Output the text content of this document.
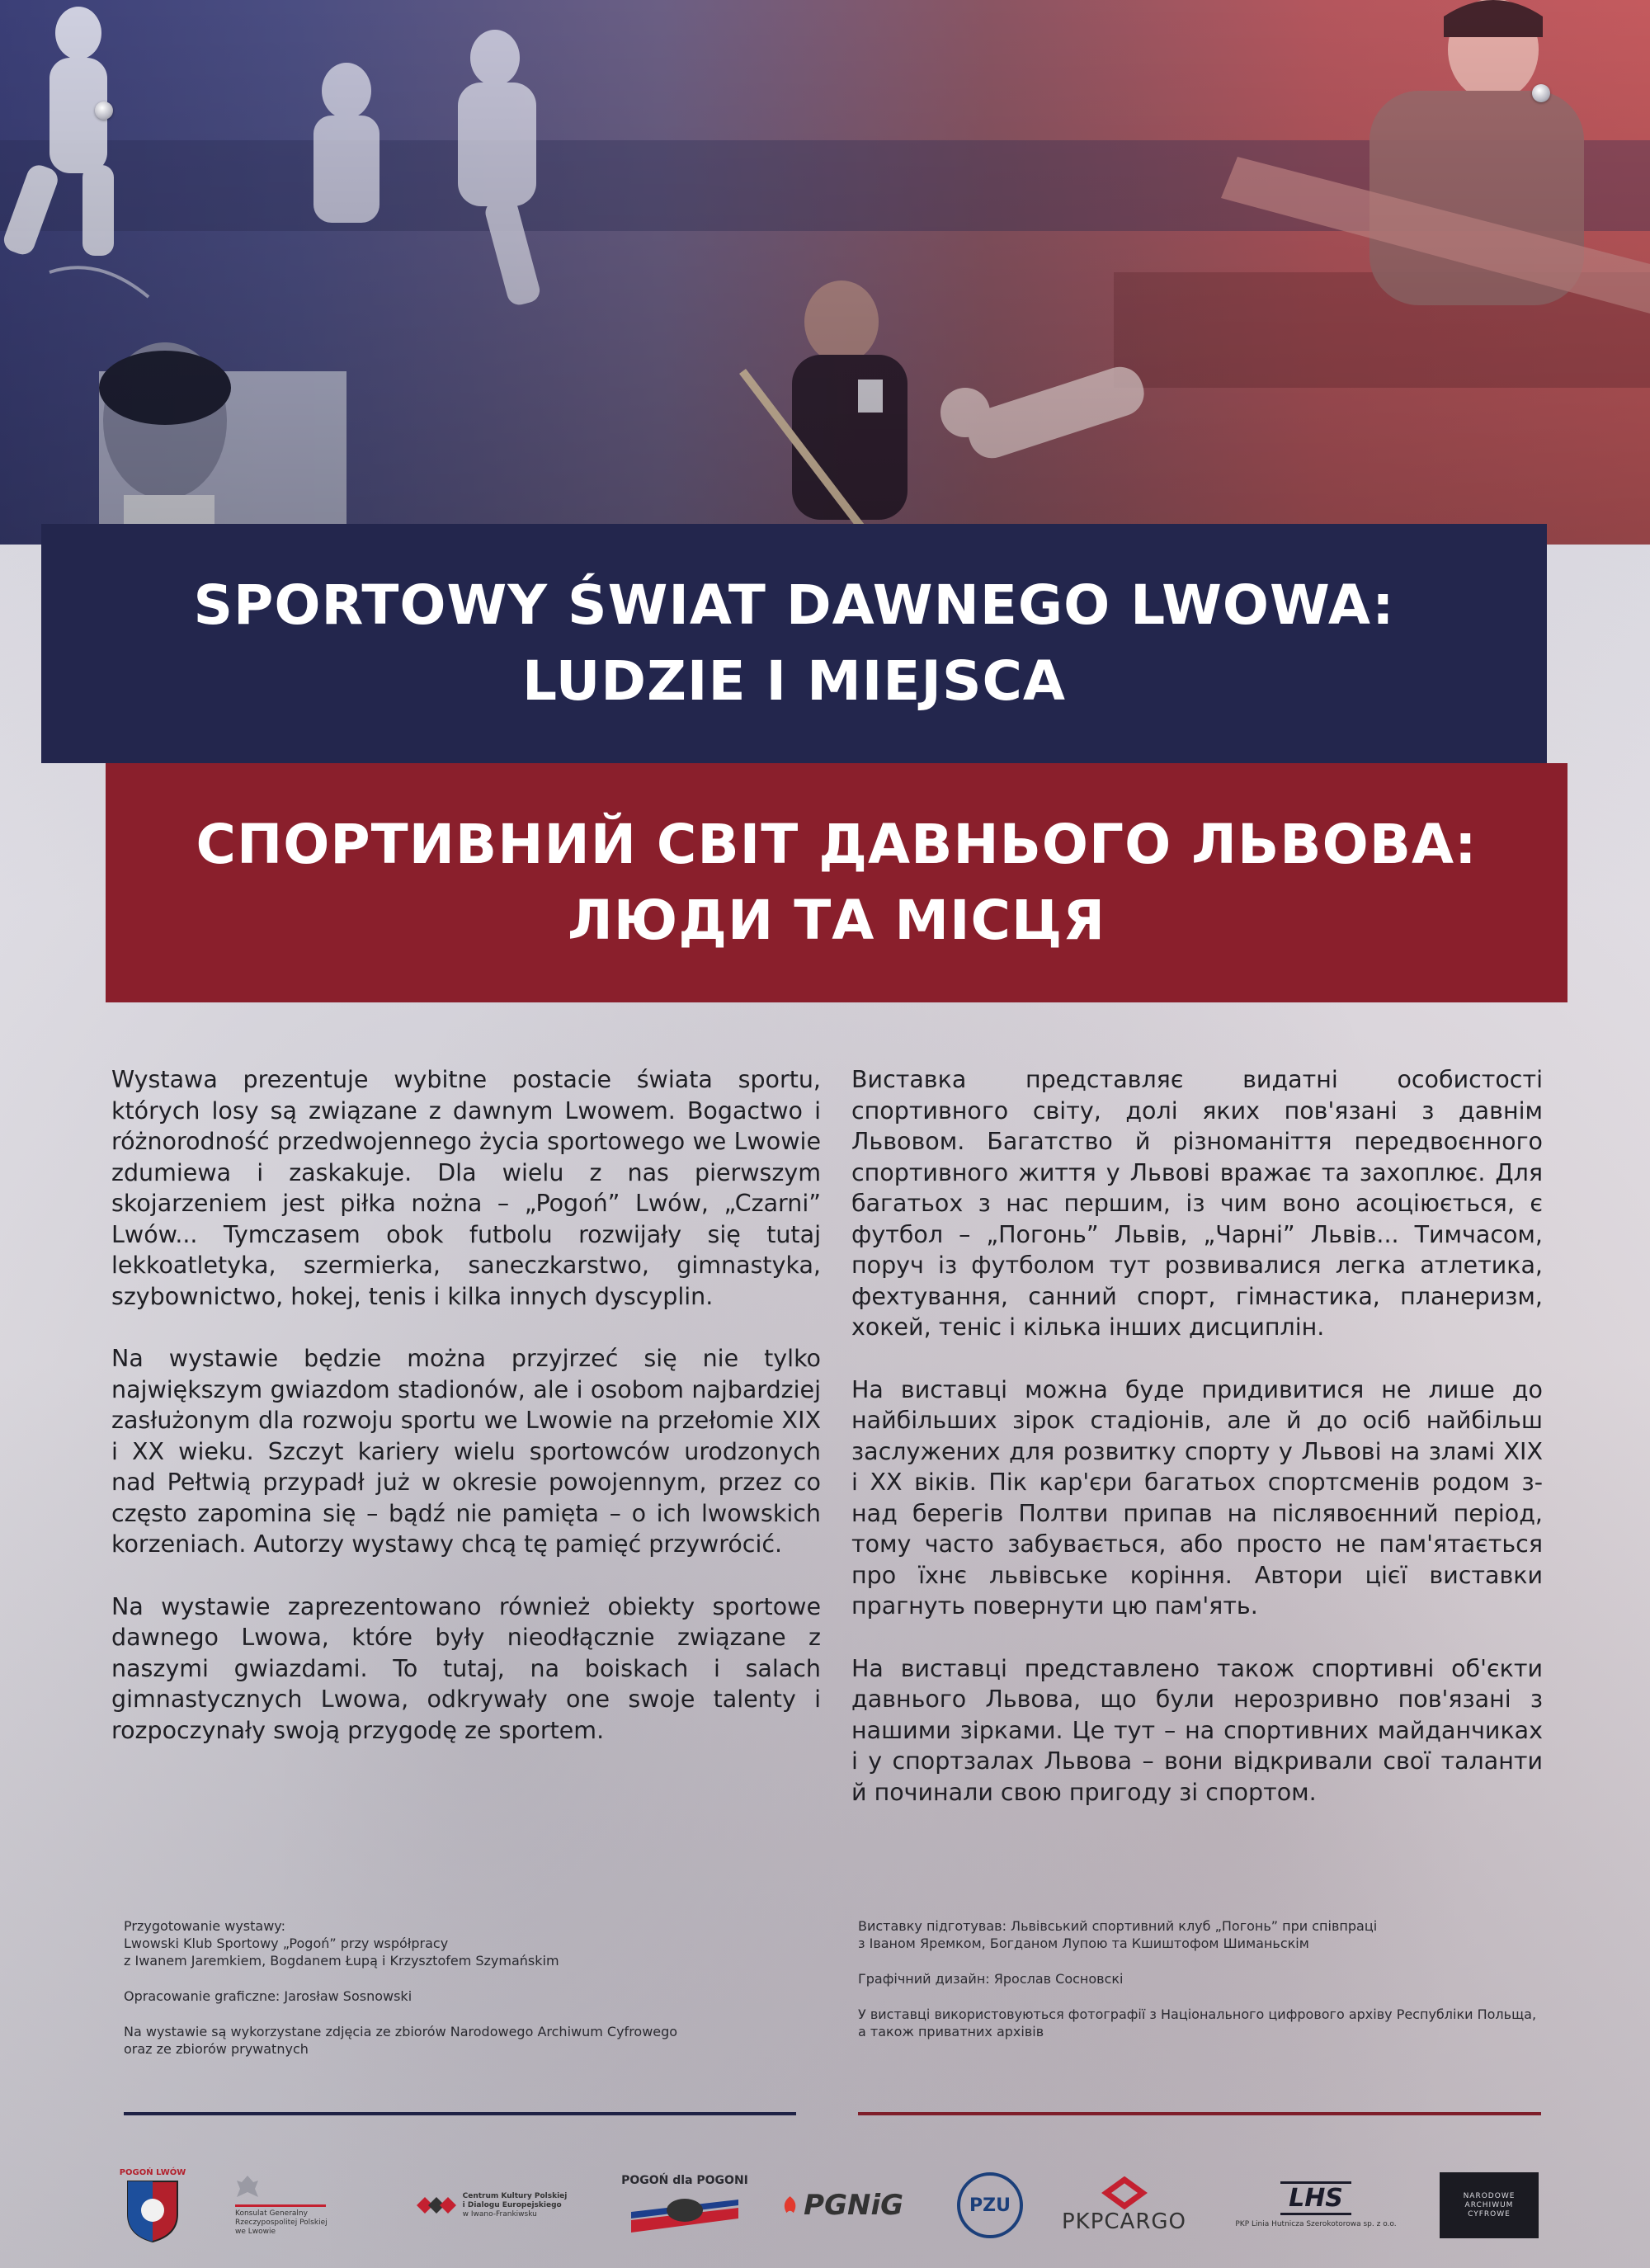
SPORTOWY ŚWIAT DAWNEGO LWOWA:
LUDZIE I MIEJSCA
СПОРТИВНИЙ СВІТ ДАВНЬОГО ЛЬВОВА:
ЛЮДИ ТА МІСЦЯ

Wystawa prezentuje wybitne postacie świata sportu, których losy są związane z dawnym Lwowem. Bogactwo i różnorodność przedwojennego życia sportowego we Lwowie zdumiewa i zaskakuje. Dla wielu z nas pierwszym skojarzeniem jest piłka nożna – „Pogoń” Lwów, „Czarni” Lwów... Tymczasem obok futbolu rozwijały się tutaj lekkoatletyka, szermierka, saneczkarstwo, gimnastyka, szybownictwo, hokej, tenis i kilka innych dyscyplin.

Na wystawie będzie można przyjrzeć się nie tylko największym gwiazdom stadionów, ale i osobom najbardziej zasłużonym dla rozwoju sportu we Lwowie na przełomie XIX i XX wieku. Szczyt kariery wielu sportowców urodzonych nad Pełtwią przypadł już w okresie powojennym, przez co często zapomina się – bądź nie pamięta – o ich lwowskich korzeniach. Autorzy wystawy chcą tę pamięć przywrócić.

Na wystawie zaprezentowano również obiekty sportowe dawnego Lwowa, które były nieodłącznie związane z naszymi gwiazdami. To tutaj, na boiskach i salach gimnastycznych Lwowa, odkrywały one swoje talenty i rozpoczynały swoją przygodę ze sportem.

Виставка представляє видатні особистості спортивного світу, долі яких пов'язані з давнім Львовом. Багатство й різноманіття передвоєнного спортивного життя у Львові вражає та захоплює. Для багатьох з нас першим, із чим воно асоціюється, є футбол – „Погонь” Львів, „Чарні” Львів... Тимчасом, поруч із футболом тут розвивалися легка атлетика, фехтування, санний спорт, гімнастика, планеризм, хокей, теніс і кілька інших дисциплін.

На виставці можна буде придивитися не лише до найбільших зірок стадіонів, але й до осіб найбільш заслужених для розвитку спорту у Львові на зламі XIX і XX віків. Пік кар'єри багатьох спортсменів родом з-над берегів Полтви припав на післявоєнний період, тому часто забувається, або просто не пам'ятається про їхнє львівське коріння. Автори цієї виставки прагнуть повернути цю пам'ять.

На виставці представлено також спортивні об'єкти давнього Львова, що були нерозривно пов'язані з нашими зірками. Це тут – на спортивних майданчиках і у спортзалах Львова – вони відкривали свої таланти й починали свою пригоду зі спортом.

Przygotowanie wystawy:
Lwowski Klub Sportowy „Pogoń” przy współpracy
z Iwanem Jaremkiem, Bogdanem Łupą i Krzysztofem Szymańskim

Opracowanie graficzne: Jarosław Sosnowski

Na wystawie są wykorzystane zdjęcia ze zbiorów Narodowego Archiwum Cyfrowego
oraz ze zbiorów prywatnych

Виставку підготував: Львівський спортивний клуб „Погонь” при співпраці
з Іваном Яремком, Богданом Лупою та Кшиштофом Шиманьскім

Графічний дизайн: Ярослав Сосновскі

У виставці використовуються фотографії з Національного цифрового архіву Республіки Польща,
а також приватних архівів

POGOŃ LWÓW
Konsulat Generalny
Rzeczypospolitej Polskiej
we Lwowie
Centrum Kultury Polskiej
i Dialogu Europejskiego
w Iwano-Frankiwsku
POGOŃ dla POGONI
PGNiG	PZU
PKPCARGO
LHS
PKP Linia Hutnicza Szerokotorowa sp. z o.o.
NARODOWE
ARCHIWUM
CYFROWE
